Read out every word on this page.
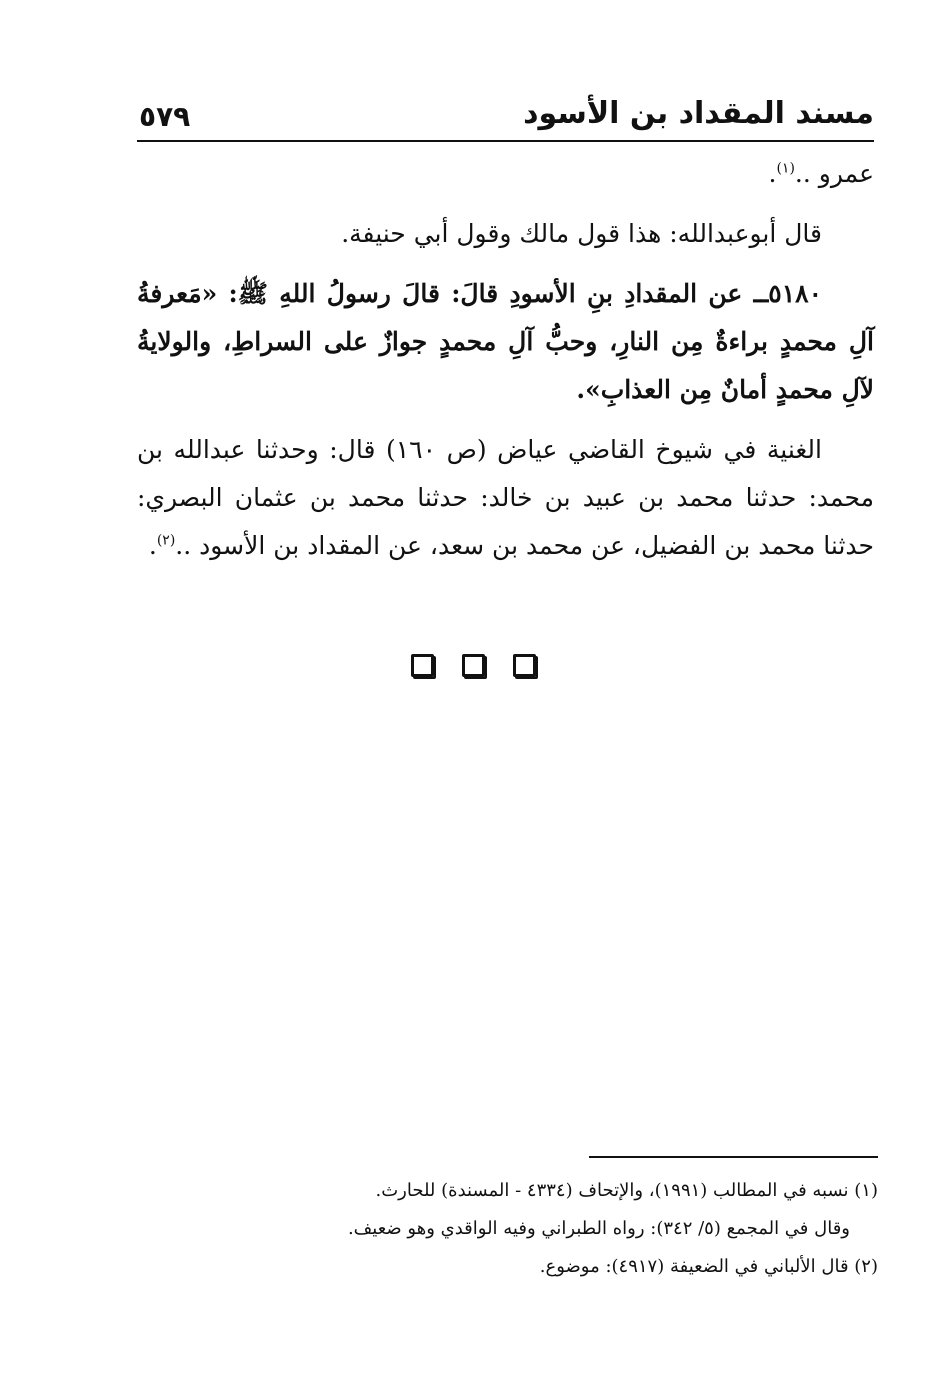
٥٧٩	مسند المقداد بن الأسود

عمرو ..$^{(١)}$.

قال أبوعبدالله: هذا قول مالك وقول أبي حنيفة.

٥١٨٠ــ عن المقدادِ بنِ الأسودِ قالَ: قالَ رسولُ اللهِ ﷺ: «مَعرفةُ آلِ محمدٍ براءةٌ مِن النارِ، وحبُّ آلِ محمدٍ جوازٌ على السراطِ، والولايةُ لآلِ محمدٍ أمانٌ مِن العذابِ».

الغنية في شيوخ القاضي عياض (ص ١٦٠) قال: وحدثنا عبدالله بن محمد: حدثنا محمد بن عبيد بن خالد: حدثنا محمد بن عثمان البصري: حدثنا محمد بن الفضيل، عن محمد بن سعد، عن المقداد بن الأسود ..$^{(٢)}$.

(١) نسبه في المطالب (١٩٩١)، والإتحاف (٤٣٣٤ - المسندة) للحارث.

وقال في المجمع (٥/ ٣٤٢): رواه الطبراني وفيه الواقدي وهو ضعيف.

(٢) قال الألباني في الضعيفة (٤٩١٧): موضوع.
